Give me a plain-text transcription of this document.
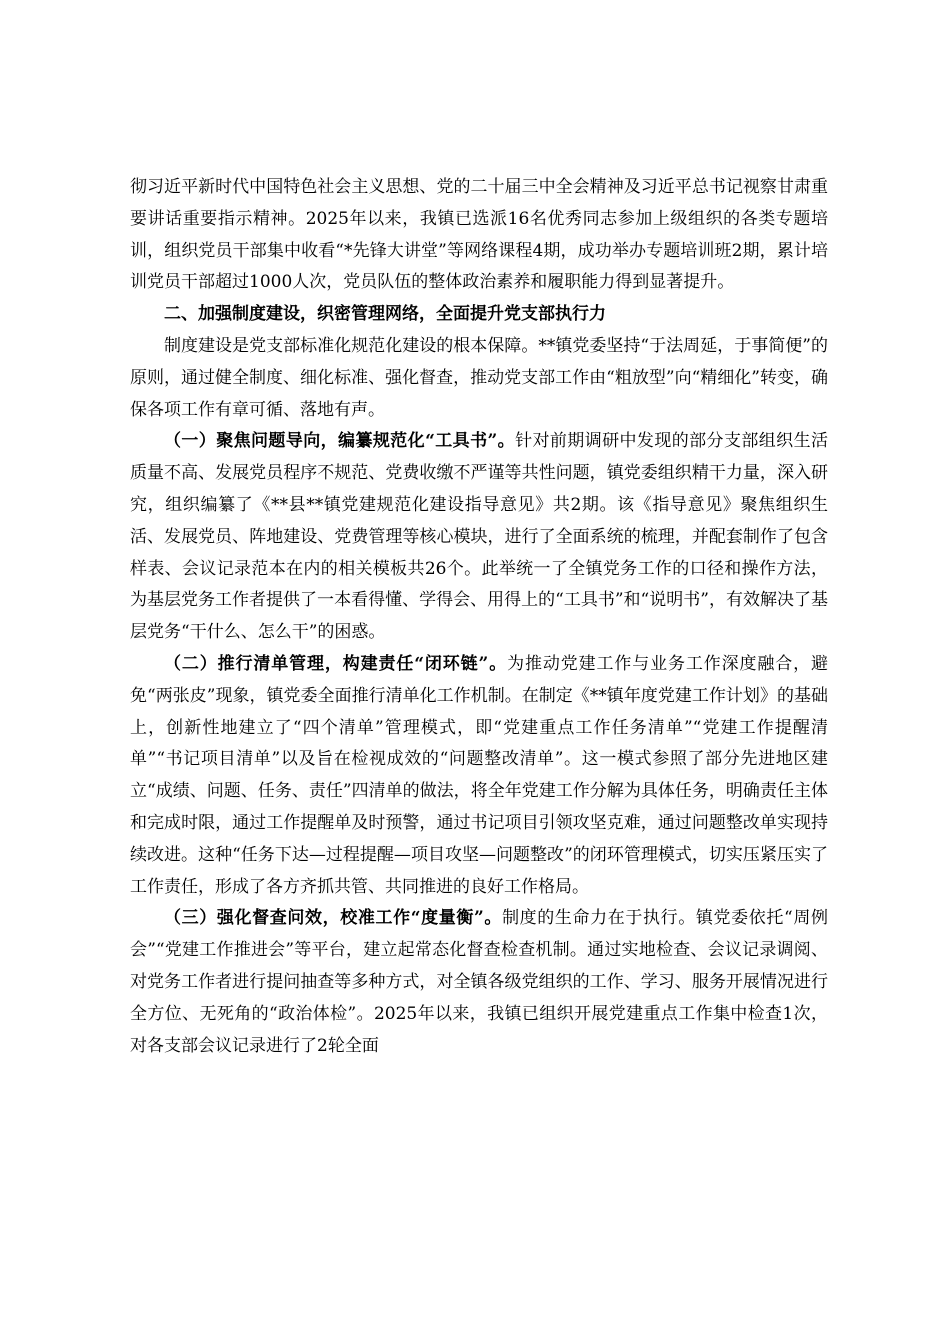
彻习近平新时代中国特色社会主义思想、党的二十届三中全会精神及习近平总书记视察甘肃重要讲话重要指示精神。2025年以来，我镇已选派16名优秀同志参加上级组织的各类专题培训，组织党员干部集中收看“*先锋大讲堂”等网络课程4期，成功举办专题培训班2期，累计培训党员干部超过1000人次，党员队伍的整体政治素养和履职能力得到显著提升。

二、加强制度建设，织密管理网络，全面提升党支部执行力

制度建设是党支部标准化规范化建设的根本保障。**镇党委坚持“于法周延，于事简便”的原则，通过健全制度、细化标准、强化督查，推动党支部工作由“粗放型”向“精细化”转变，确保各项工作有章可循、落地有声。

（一）聚焦问题导向，编纂规范化“工具书”。针对前期调研中发现的部分支部组织生活质量不高、发展党员程序不规范、党费收缴不严谨等共性问题，镇党委组织精干力量，深入研究，组织编纂了《**县**镇党建规范化建设指导意见》共2期。该《指导意见》聚焦组织生活、发展党员、阵地建设、党费管理等核心模块，进行了全面系统的梳理，并配套制作了包含样表、会议记录范本在内的相关模板共26个。此举统一了全镇党务工作的口径和操作方法，为基层党务工作者提供了一本看得懂、学得会、用得上的“工具书”和“说明书”，有效解决了基层党务“干什么、怎么干”的困惑。

（二）推行清单管理，构建责任“闭环链”。为推动党建工作与业务工作深度融合，避免“两张皮”现象，镇党委全面推行清单化工作机制。在制定《**镇年度党建工作计划》的基础上，创新性地建立了“四个清单”管理模式，即“党建重点工作任务清单”“党建工作提醒清单”“书记项目清单”以及旨在检视成效的“问题整改清单”。这一模式参照了部分先进地区建立“成绩、问题、任务、责任”四清单的做法，将全年党建工作分解为具体任务，明确责任主体和完成时限，通过工作提醒单及时预警，通过书记项目引领攻坚克难，通过问题整改单实现持续改进。这种“任务下达—过程提醒—项目攻坚—问题整改”的闭环管理模式，切实压紧压实了工作责任，形成了各方齐抓共管、共同推进的良好工作格局。

（三）强化督查问效，校准工作“度量衡”。制度的生命力在于执行。镇党委依托“周例会”“党建工作推进会”等平台，建立起常态化督查检查机制。通过实地检查、会议记录调阅、对党务工作者进行提问抽查等多种方式，对全镇各级党组织的工作、学习、服务开展情况进行全方位、无死角的“政治体检”。2025年以来，我镇已组织开展党建重点工作集中检查1次，对各支部会议记录进行了2轮全面
